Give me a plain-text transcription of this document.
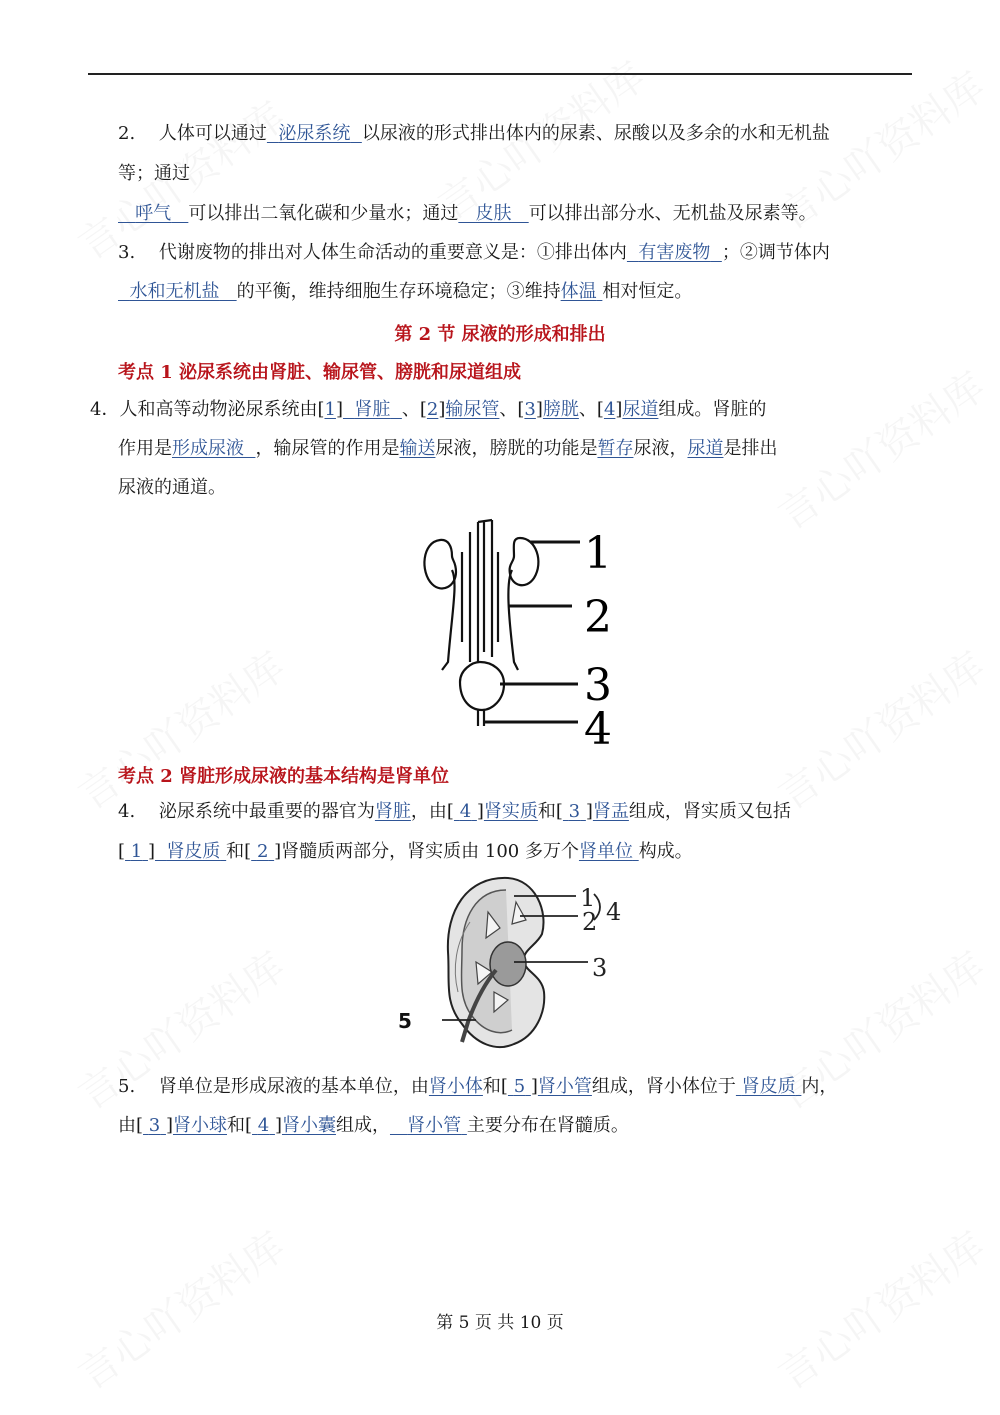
2. 人体可以通过 泌尿系统 以尿液的形式排出体内的尿素、尿酸以及多余的水和无机盐
等；通过
呼气 可以排出二氧化碳和少量水；通过 皮肤 可以排出部分水、无机盐及尿素等。
3. 代谢废物的排出对人体生命活动的重要意义是：①排出体内 有害废物 ；②调节体内
水和无机盐 的平衡，维持细胞生存环境稳定；③维持体温 相对恒定。
第 2 节 尿液的形成和排出
考点 1 泌尿系统由肾脏、输尿管、膀胱和尿道组成
4．人和高等动物泌尿系统由[1] 肾脏 、[2]输尿管、[3]膀胱、[4]尿道组成。肾脏的
作用是形成尿液 ，输尿管的作用是输送尿液，膀胱的功能是暂存尿液，尿道是排出
尿液的通道。
1
2
3
4
考点 2 肾脏形成尿液的基本结构是肾单位
4. 泌尿系统中最重要的器官为肾脏，由[ 4 ]肾实质和[ 3 ]肾盂组成，肾实质又包括
[ 1 ] 肾皮质 和[ 2 ]肾髓质两部分，肾实质由 100 多万个肾单位 构成。
1
2 4
3
5
5. 肾单位是形成尿液的基本单位，由肾小体和[ 5 ]肾小管组成，肾小体位于 肾皮质 内，
由[ 3 ]肾小球和[ 4 ]肾小囊组成， 肾小管 主要分布在肾髓质。
第 5 页 共 10 页
